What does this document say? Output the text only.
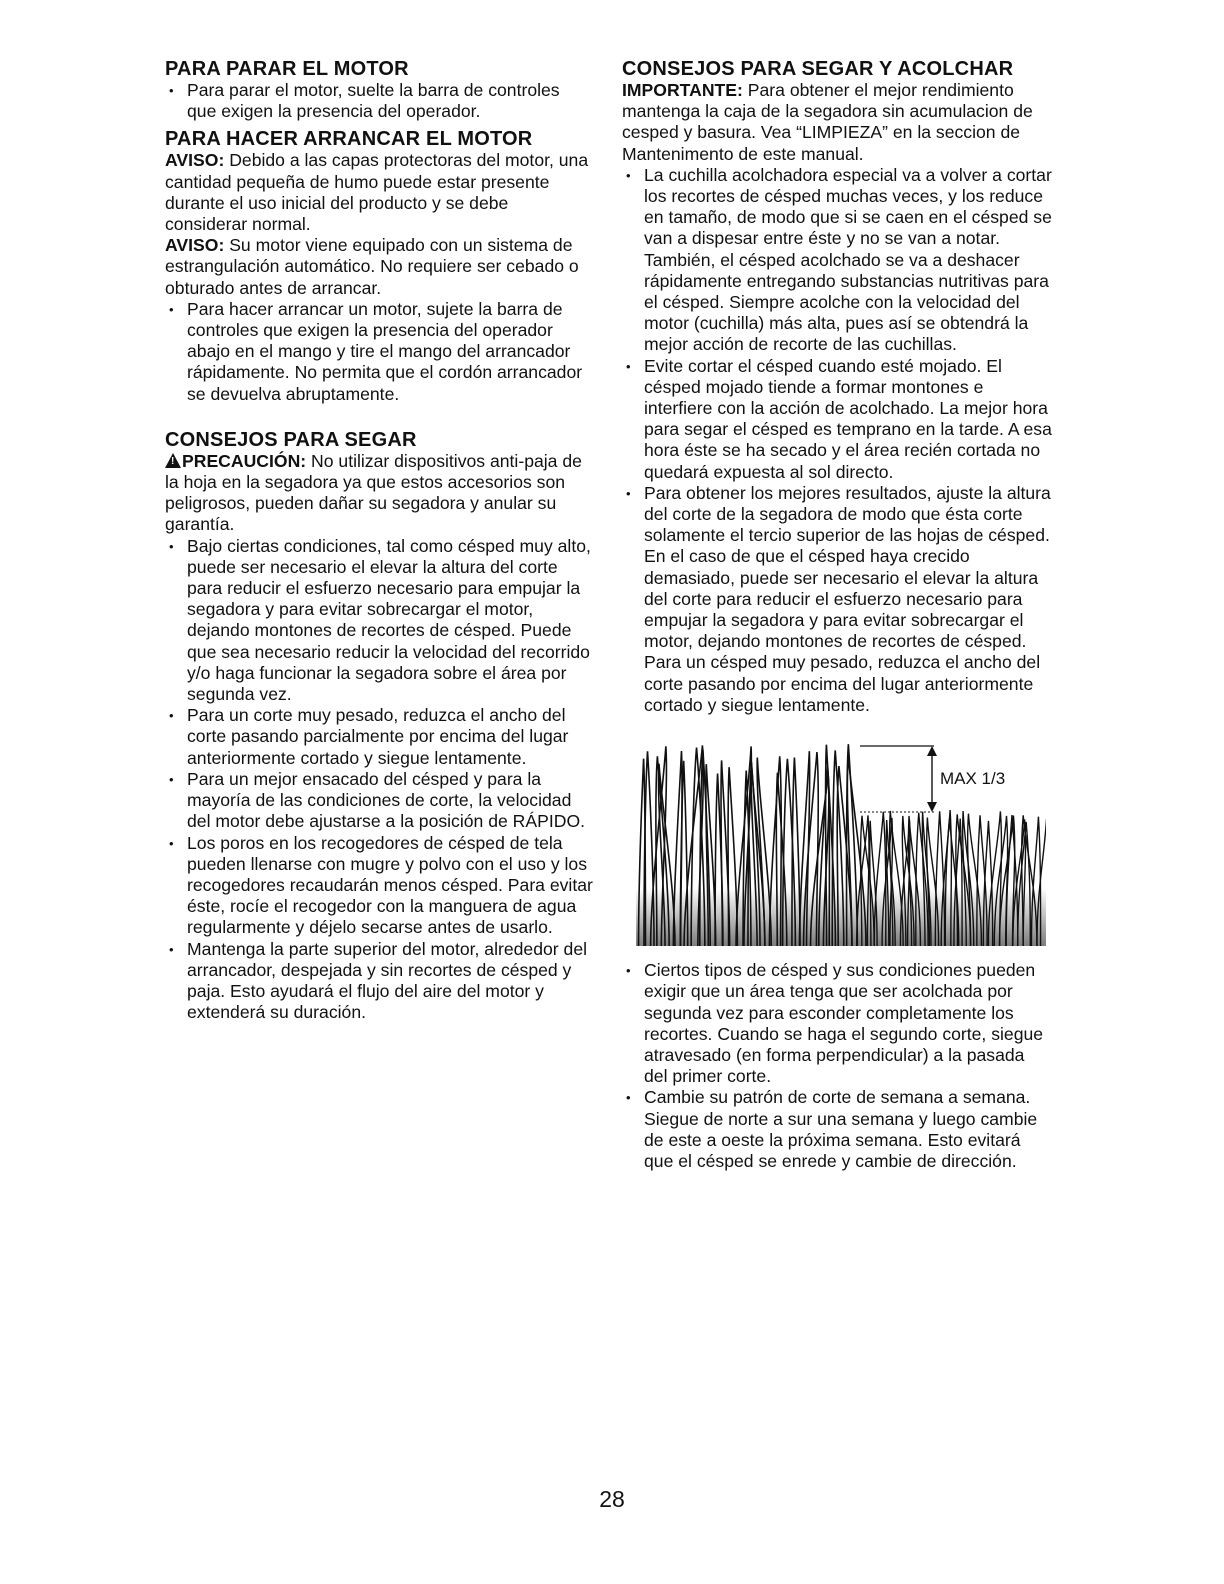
PARA PARAR EL MOTOR
• Para parar el motor, suelte la barra de controles que exigen la presencia del operador.
PARA HACER ARRANCAR EL MOTOR

AVISO: Debido a las capas protectoras del motor, una cantidad pequeña de humo puede estar presente durante el uso inicial del producto y se debe considerar normal.

AVISO: Su motor viene equipado con un sistema de estrangulación automático. No requiere ser cebado o obturado antes de arrancar.

• Para hacer arrancar un motor, sujete la barra de controles que exigen la presencia del operador abajo en el mango y tire el mango del arrancador rápidamente. No permita que el cordón arrancador se devuelva abruptamente.
CONSEJOS PARA SEGAR

!PRECAUCIÓN: No utilizar dispositivos anti-paja de la hoja en la segadora ya que estos accesorios son peligrosos, pueden dañar su segadora y anular su garantía.

• Bajo ciertas condiciones, tal como césped muy alto, puede ser necesario el elevar la altura del corte para reducir el esfuerzo necesario para empujar la segadora y para evitar sobrecargar el motor, dejando montones de recortes de césped. Puede que sea necesario reducir la velocidad del recorrido y/o haga funcionar la segadora sobre el área por segunda vez.
• Para un corte muy pesado, reduzca el ancho del corte pasando parcialmente por encima del lugar anteriormente cortado y siegue lentamente.
• Para un mejor ensacado del césped y para la mayoría de las condiciones de corte, la velocidad del motor debe ajustarse a la posición de RÁPIDO.
• Los poros en los recogedores de césped de tela pueden llenarse con mugre y polvo con el uso y los recogedores recaudarán menos césped. Para evitar éste, rocíe el recogedor con la manguera de agua regularmente y déjelo secarse antes de usarlo.
• Mantenga la parte superior del motor, alrededor del arrancador, despejada y sin recortes de césped y paja. Esto ayudará el flujo del aire del motor y extenderá su duración.
CONSEJOS PARA SEGAR Y ACOLCHAR

IMPORTANTE: Para obtener el mejor rendimiento mantenga la caja de la segadora sin acumulacion de cesped y basura. Vea “LIMPIEZA” en la seccion de Mantenimento de este manual.

• La cuchilla acolchadora especial va a volver a cortar los recortes de césped muchas veces, y los reduce en tamaño, de modo que si se caen en el césped se van a dispesar entre éste y no se van a notar. También, el césped acolchado se va a deshacer rápidamente entregando substancias nutritivas para el césped. Siempre acolche con la velocidad del motor (cuchilla) más alta, pues así se obtendrá la mejor acción de recorte de las cuchillas.
• Evite cortar el césped cuando esté mojado. El césped mojado tiende a formar montones e interfiere con la acción de acolchado. La mejor hora para segar el césped es temprano en la tarde. A esa hora éste se ha secado y el área recién cortada no quedará expuesta al sol directo.
• Para obtener los mejores resultados, ajuste la altura del corte de la segadora de modo que ésta corte solamente el tercio superior de las hojas de césped. En el caso de que el césped haya crecido demasiado, puede ser necesario el elevar la altura del corte para reducir el esfuerzo necesario para empujar la segadora y para evitar sobrecargar el motor, dejando montones de recortes de césped. Para un césped muy pesado, reduzca el ancho del corte pasando por encima del lugar anteriormente cortado y siegue lentamente.
MAX 1/3
• Ciertos tipos de césped y sus condiciones pueden exigir que un área tenga que ser acolchada por segunda vez para esconder completamente los recortes. Cuando se haga el segundo corte, siegue atravesado (en forma perpendicular) a la pasada del primer corte.
• Cambie su patrón de corte de semana a semana. Siegue de norte a sur una semana y luego cambie de este a oeste la próxima semana. Esto evitará que el césped se enrede y cambie de dirección.
28
